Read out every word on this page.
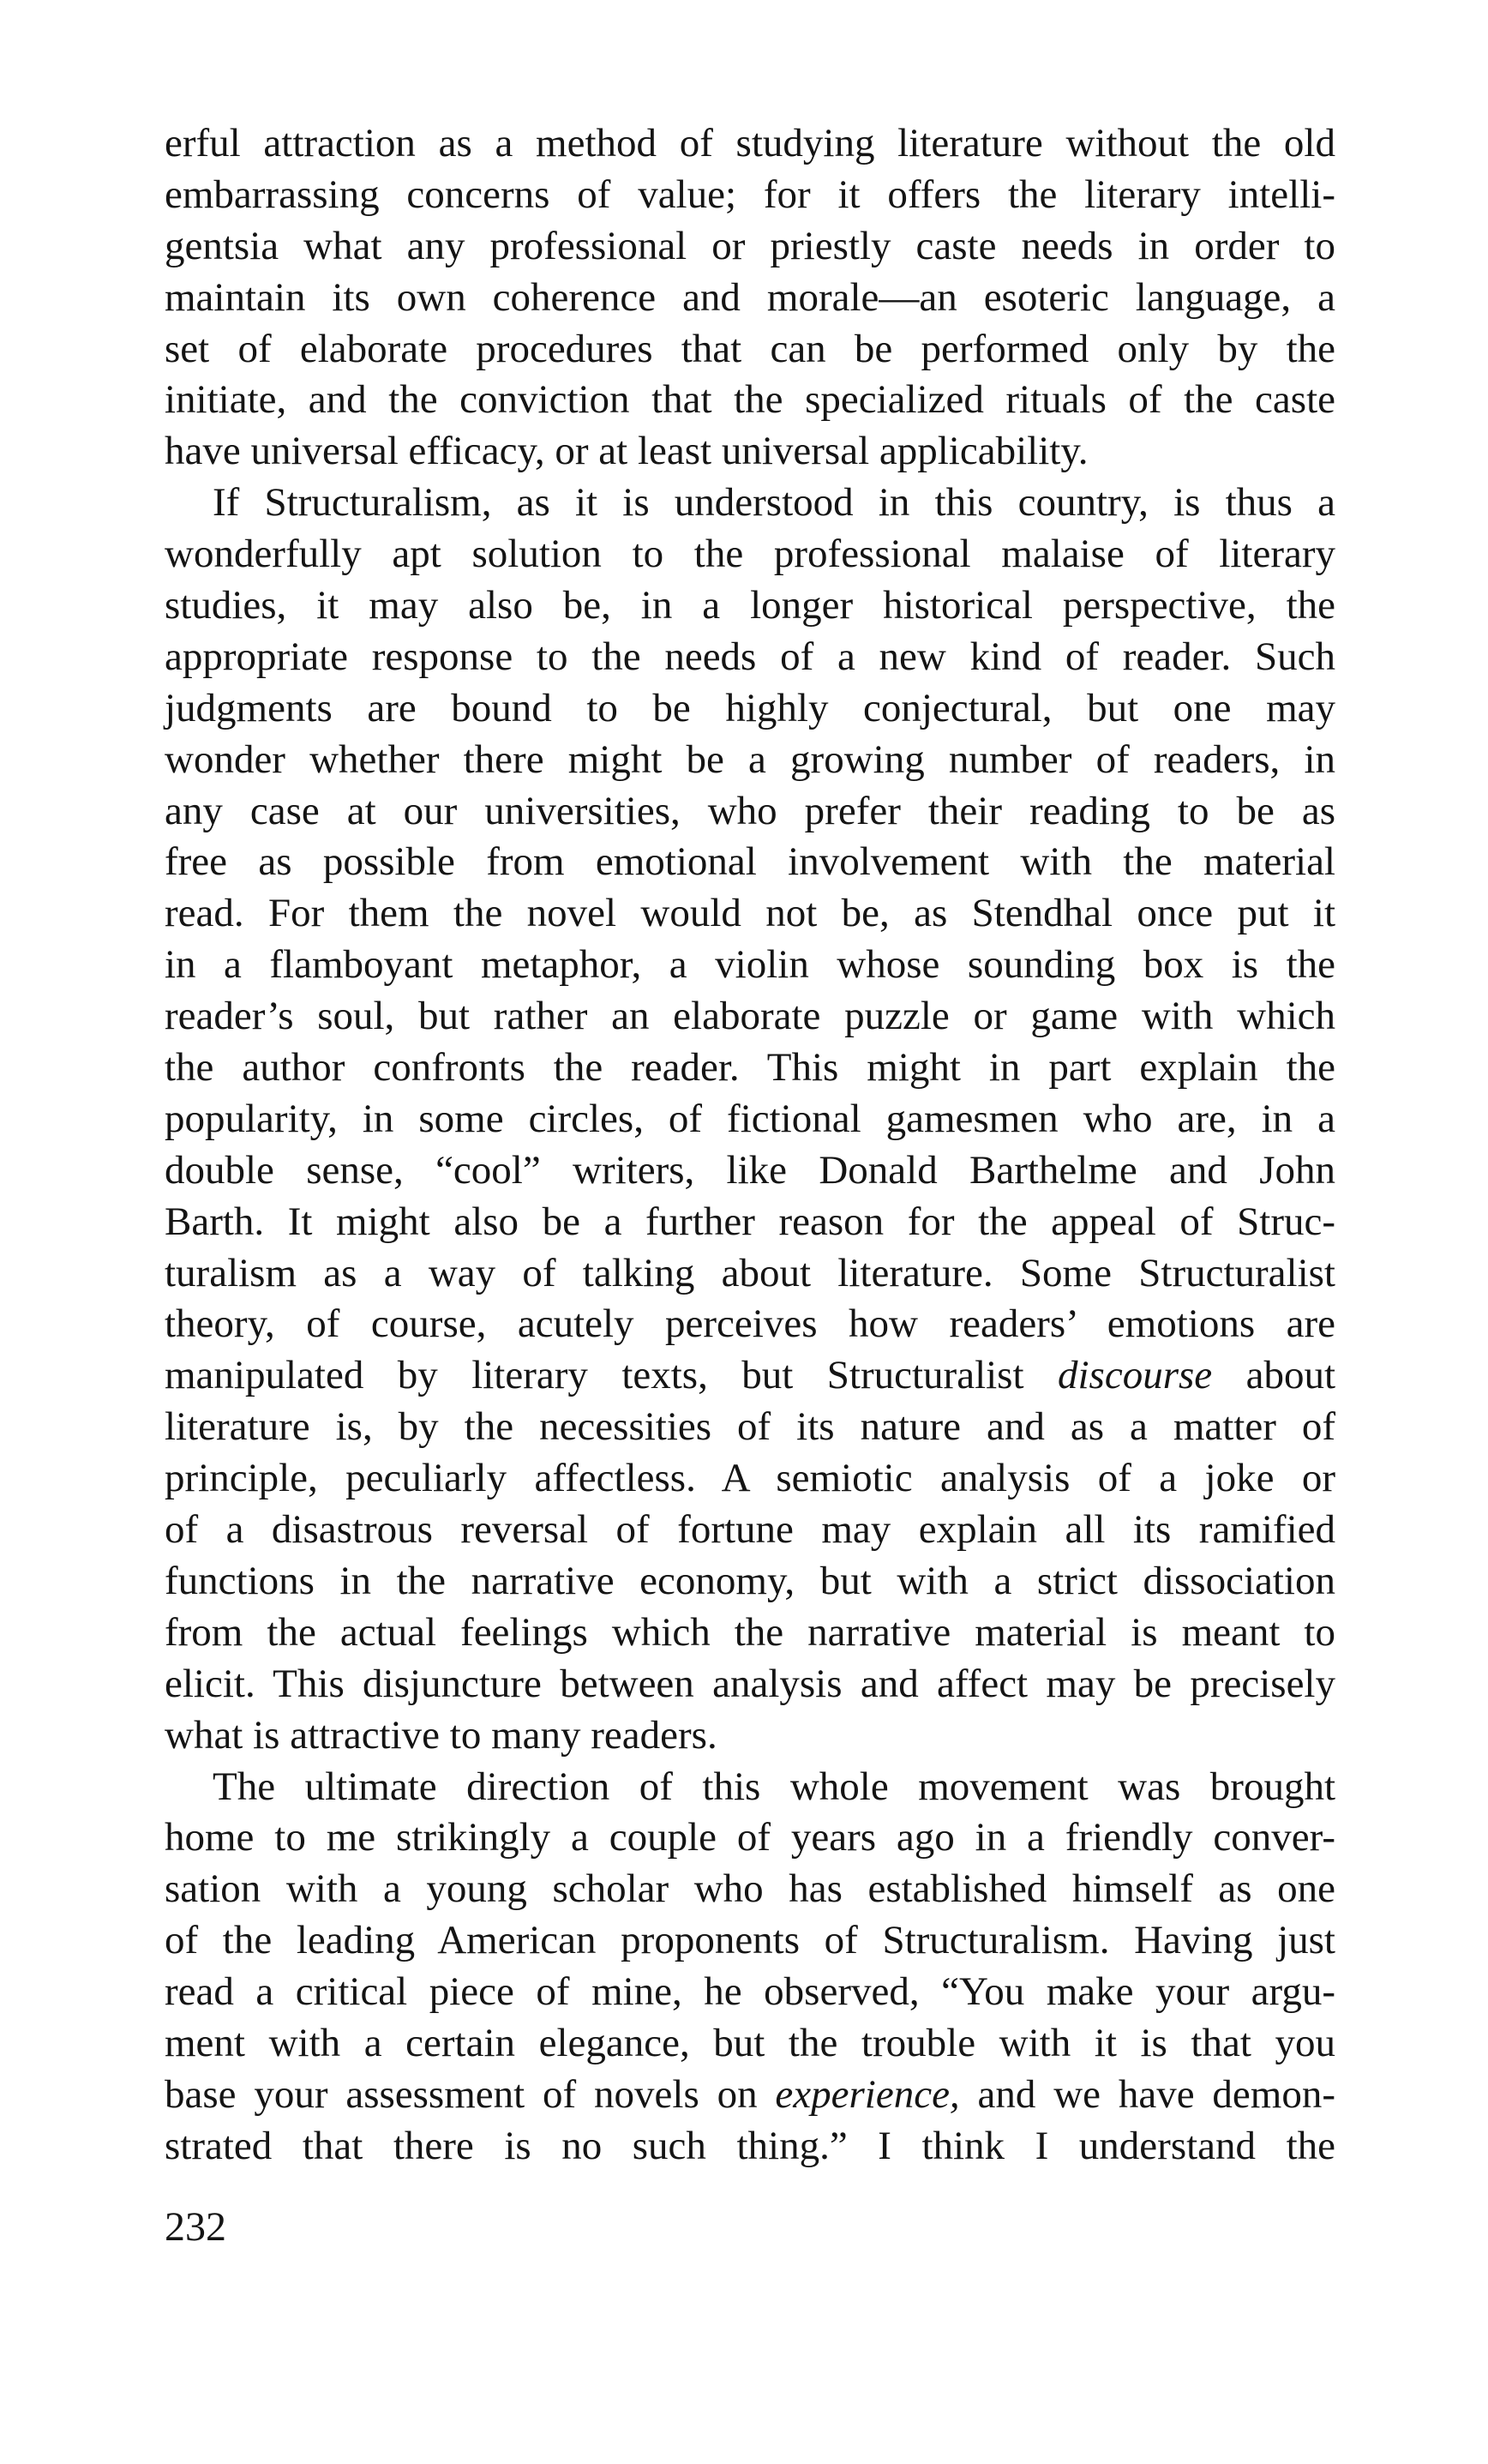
erful attraction as a method of studying literature without the old
embarrassing concerns of value; for it offers the literary intelli-
gentsia what any professional or priestly caste needs in order to
maintain its own coherence and morale—an esoteric language, a
set of elaborate procedures that can be performed only by the
initiate, and the conviction that the specialized rituals of the caste
have universal efficacy, or at least universal applicability.
If Structuralism, as it is understood in this country, is thus a
wonderfully apt solution to the professional malaise of literary
studies, it may also be, in a longer historical perspective, the
appropriate response to the needs of a new kind of reader. Such
judgments are bound to be highly conjectural, but one may
wonder whether there might be a growing number of readers, in
any case at our universities, who prefer their reading to be as
free as possible from emotional involvement with the material
read. For them the novel would not be, as Stendhal once put it
in a flamboyant metaphor, a violin whose sounding box is the
reader’s soul, but rather an elaborate puzzle or game with which
the author confronts the reader. This might in part explain the
popularity, in some circles, of fictional gamesmen who are, in a
double sense, “cool” writers, like Donald Barthelme and John
Barth. It might also be a further reason for the appeal of Struc-
turalism as a way of talking about literature. Some Structuralist
theory, of course, acutely perceives how readers’ emotions are
manipulated by literary texts, but Structuralist discourse about
literature is, by the necessities of its nature and as a matter of
principle, peculiarly affectless. A semiotic analysis of a joke or
of a disastrous reversal of fortune may explain all its ramified
functions in the narrative economy, but with a strict dissociation
from the actual feelings which the narrative material is meant to
elicit. This disjuncture between analysis and affect may be precisely
what is attractive to many readers.
The ultimate direction of this whole movement was brought
home to me strikingly a couple of years ago in a friendly conver-
sation with a young scholar who has established himself as one
of the leading American proponents of Structuralism. Having just
read a critical piece of mine, he observed, “You make your argu-
ment with a certain elegance, but the trouble with it is that you
base your assessment of novels on experience, and we have demon-
strated that there is no such thing.” I think I understand the
232
